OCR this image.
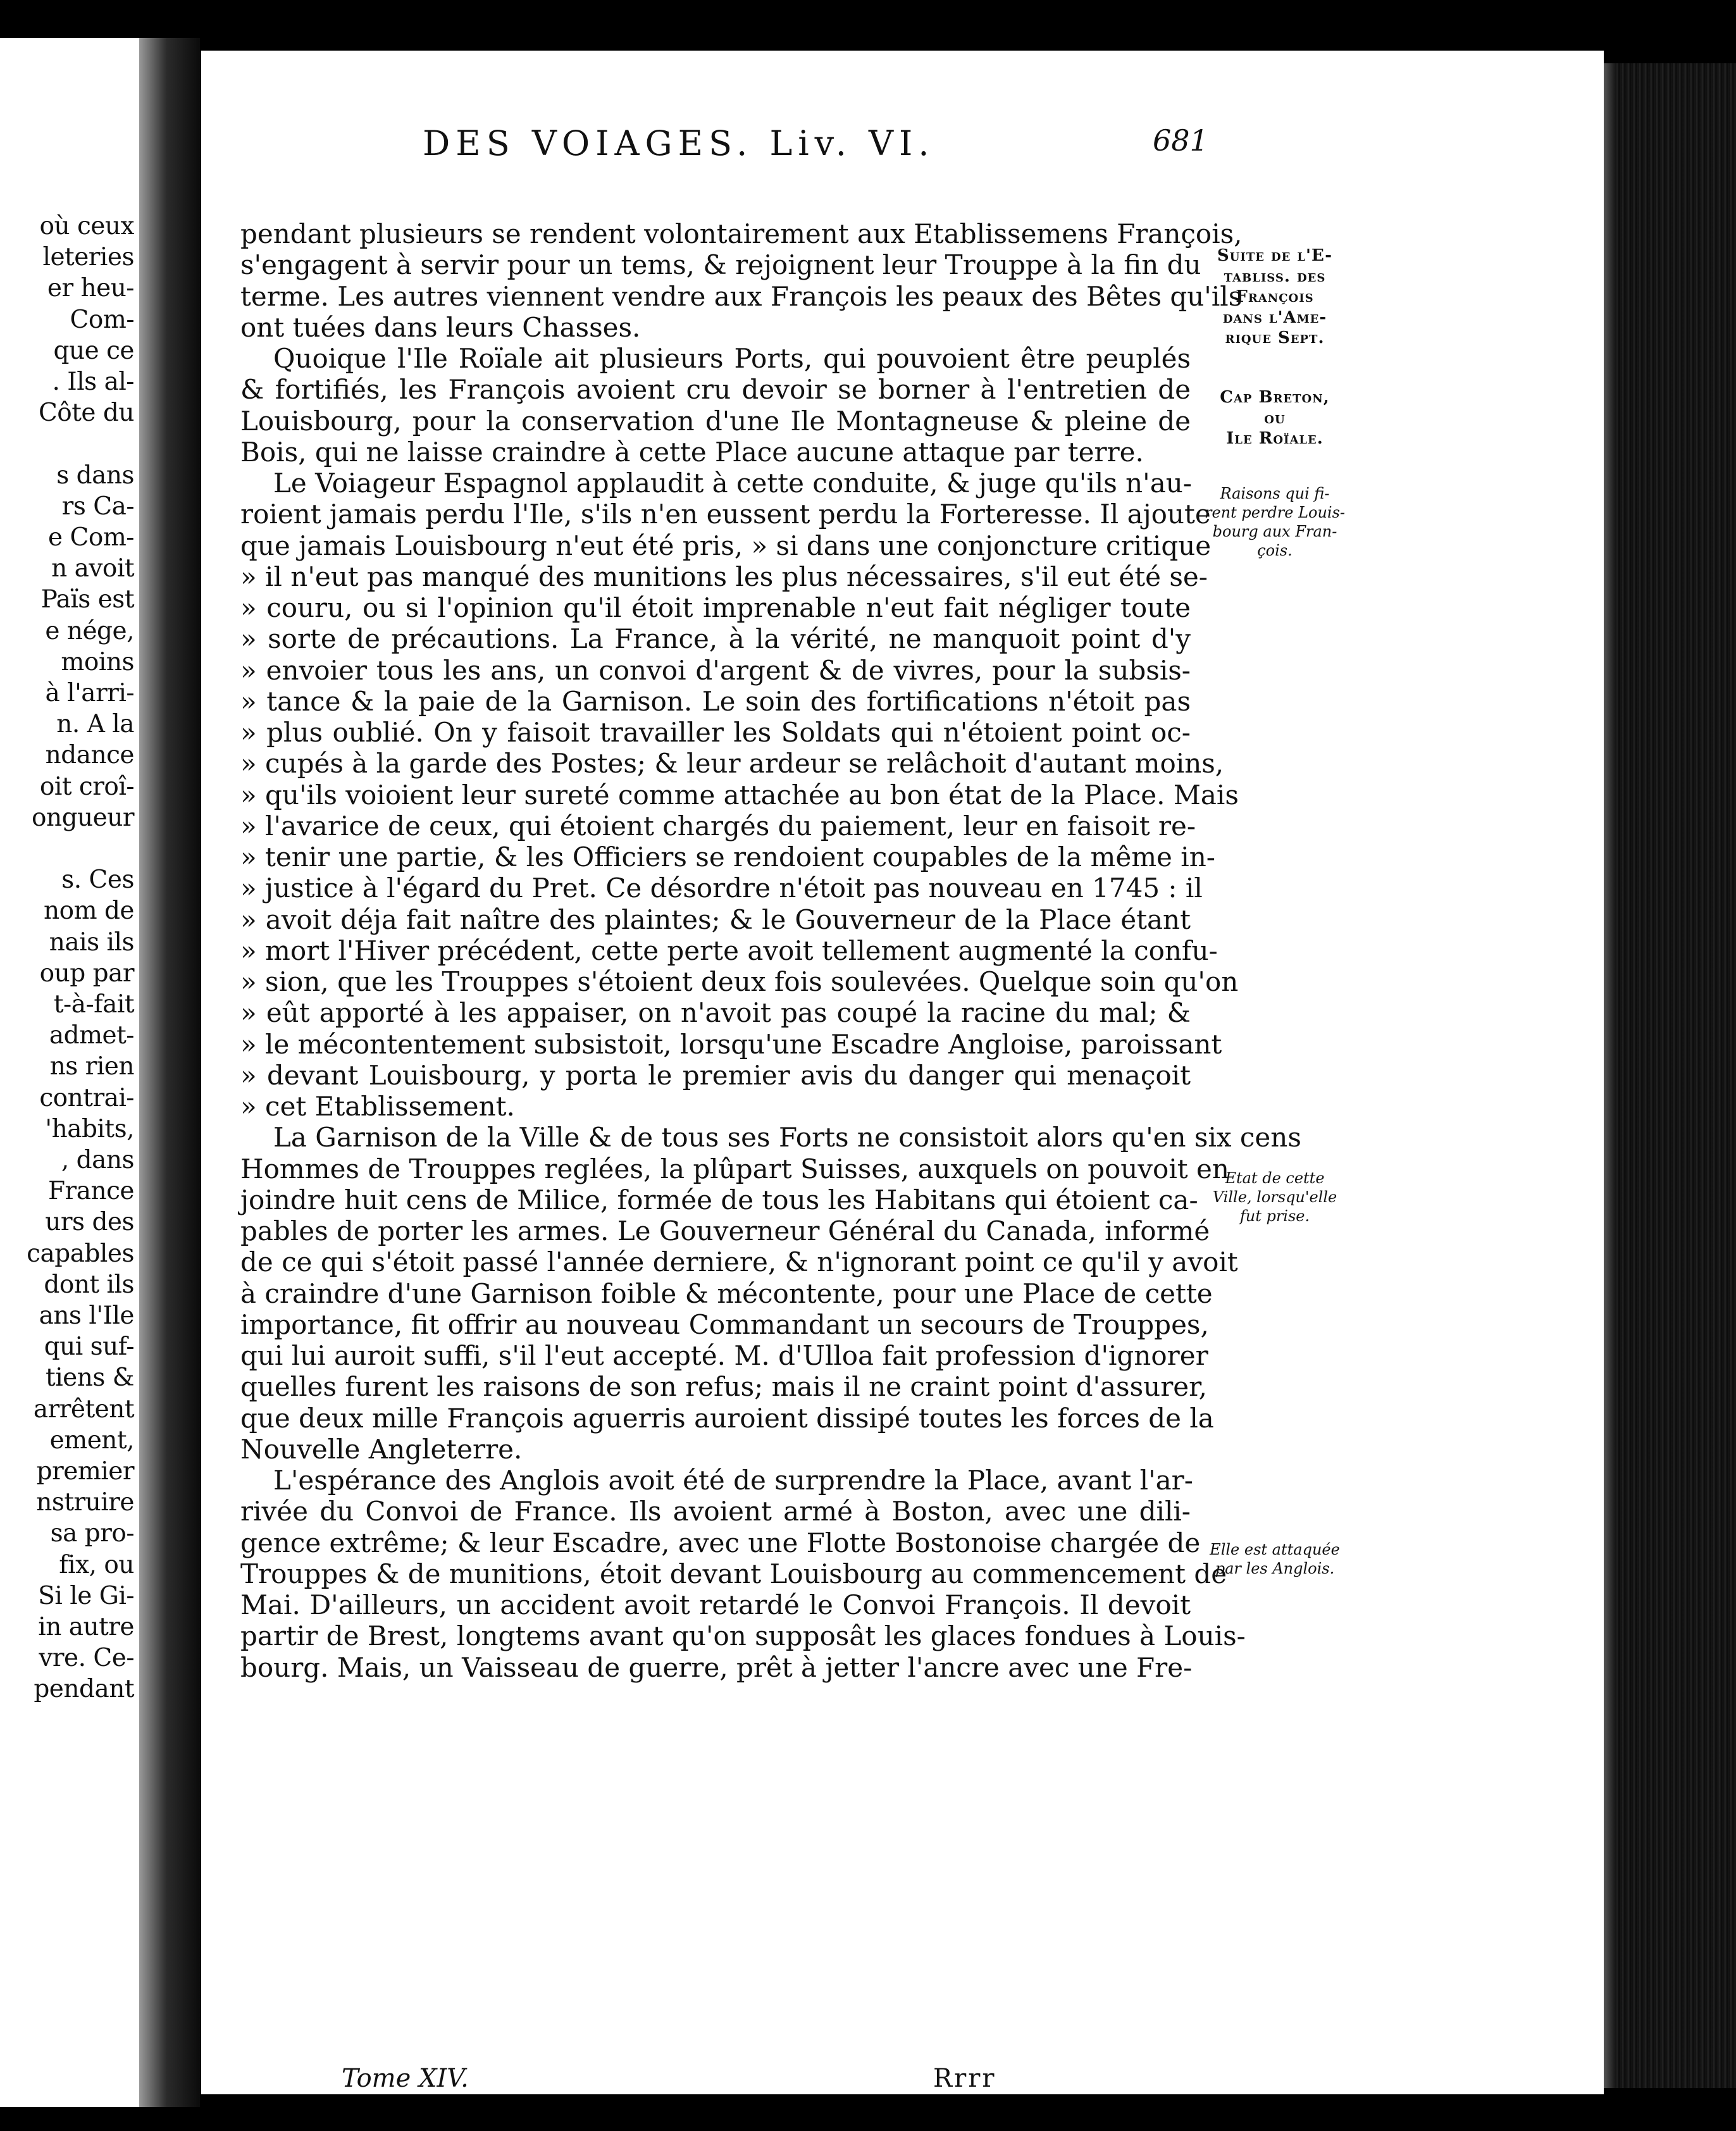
où ceux
leteries
er heu-
Com-
que ce
. Ils al-
Côte du
s dans
rs Ca-
e Com-
n avoit
Païs est
e nége,
moins
à l'arri-
n. A la
ndance
oit croî-
ongueur
s. Ces
nom de
nais ils
oup par
t-à-fait
admet-
ns rien
contrai-
'habits,
, dans
France
urs des
capables
dont ils
ans l'Ile
qui suf-
tiens &
arrêtent
ement,
premier
nstruire
sa pro-
fix, ou
Si le Gi-
in autre
vre. Ce-
pendant
DES VOIAGES. Liv. VI.	681
pendant plusieurs se rendent volontairement aux Etablissemens François,
s'engagent à servir pour un tems, & rejoignent leur Trouppe à la fin du
terme. Les autres viennent vendre aux François les peaux des Bêtes qu'ils
ont tuées dans leurs Chasses.
Quoique l'Ile Roïale ait plusieurs Ports, qui pouvoient être peuplés
& fortifiés, les François avoient cru devoir se borner à l'entretien de
Louisbourg, pour la conservation d'une Ile Montagneuse & pleine de
Bois, qui ne laisse craindre à cette Place aucune attaque par terre.
Le Voiageur Espagnol applaudit à cette conduite, & juge qu'ils n'au-
roient jamais perdu l'Ile, s'ils n'en eussent perdu la Forteresse. Il ajoute
que jamais Louisbourg n'eut été pris, » si dans une conjoncture critique
» il n'eut pas manqué des munitions les plus nécessaires, s'il eut été se-
» couru, ou si l'opinion qu'il étoit imprenable n'eut fait négliger toute
» sorte de précautions. La France, à la vérité, ne manquoit point d'y
» envoier tous les ans, un convoi d'argent & de vivres, pour la subsis-
» tance & la paie de la Garnison. Le soin des fortifications n'étoit pas
» plus oublié. On y faisoit travailler les Soldats qui n'étoient point oc-
» cupés à la garde des Postes; & leur ardeur se relâchoit d'autant moins,
» qu'ils voioient leur sureté comme attachée au bon état de la Place. Mais
» l'avarice de ceux, qui étoient chargés du paiement, leur en faisoit re-
» tenir une partie, & les Officiers se rendoient coupables de la même in-
» justice à l'égard du Pret. Ce désordre n'étoit pas nouveau en 1745 : il
» avoit déja fait naître des plaintes; & le Gouverneur de la Place étant
» mort l'Hiver précédent, cette perte avoit tellement augmenté la confu-
» sion, que les Trouppes s'étoient deux fois soulevées. Quelque soin qu'on
» eût apporté à les appaiser, on n'avoit pas coupé la racine du mal; &
» le mécontentement subsistoit, lorsqu'une Escadre Angloise, paroissant
» devant Louisbourg, y porta le premier avis du danger qui menaçoit
» cet Etablissement.
La Garnison de la Ville & de tous ses Forts ne consistoit alors qu'en six cens
Hommes de Trouppes reglées, la plûpart Suisses, auxquels on pouvoit en
joindre huit cens de Milice, formée de tous les Habitans qui étoient ca-
pables de porter les armes. Le Gouverneur Général du Canada, informé
de ce qui s'étoit passé l'année derniere, & n'ignorant point ce qu'il y avoit
à craindre d'une Garnison foible & mécontente, pour une Place de cette
importance, fit offrir au nouveau Commandant un secours de Trouppes,
qui lui auroit suffi, s'il l'eut accepté. M. d'Ulloa fait profession d'ignorer
quelles furent les raisons de son refus; mais il ne craint point d'assurer,
que deux mille François aguerris auroient dissipé toutes les forces de la
Nouvelle Angleterre.
L'espérance des Anglois avoit été de surprendre la Place, avant l'ar-
rivée du Convoi de France. Ils avoient armé à Boston, avec une dili-
gence extrême; & leur Escadre, avec une Flotte Bostonoise chargée de
Trouppes & de munitions, étoit devant Louisbourg au commencement de
Mai. D'ailleurs, un accident avoit retardé le Convoi François. Il devoit
partir de Brest, longtems avant qu'on supposât les glaces fondues à Louis-
bourg. Mais, un Vaisseau de guerre, prêt à jetter l'ancre avec une Fre-
Suite de l'E-
tabliss. des
François
dans l'Ame-
rique Sept.
Cap Breton,
ou
Ile Roïale.
Raisons qui fi-
rent perdre Louis-
bourg aux Fran-
çois.
Etat de cette
Ville, lorsqu'elle
fut prise.
Elle est attaquée
par les Anglois.
Tome XIV.	Rrrr
